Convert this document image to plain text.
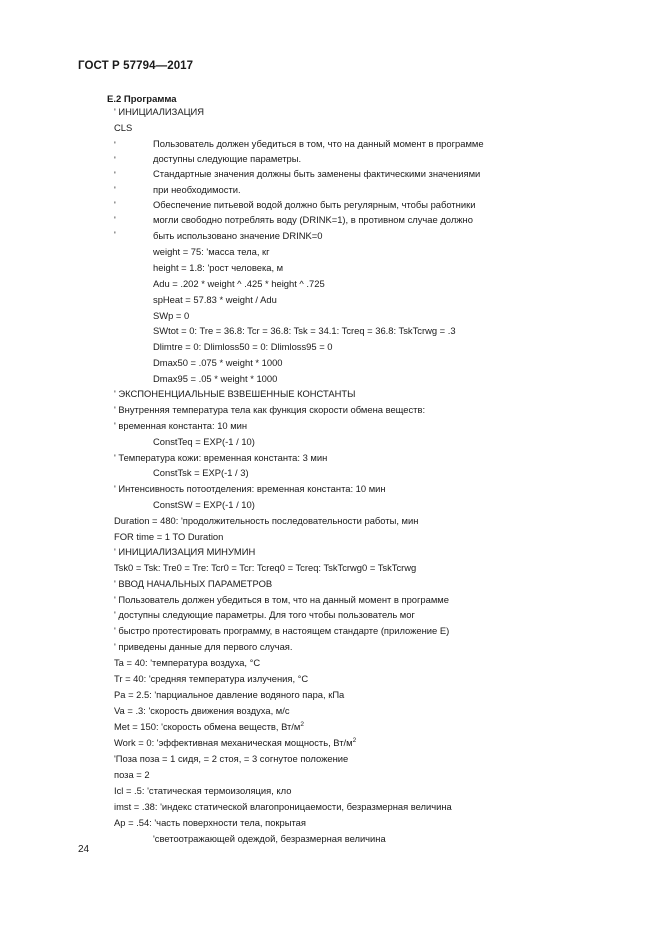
ГОСТ Р 57794—2017
Е.2 Программа
' ИНИЦИАЛИЗАЦИЯ
CLS
'
'
'
'
'
'
'
Пользователь должен убедиться в том, что на данный момент в программе
доступны следующие параметры.
Стандартные значения должны быть заменены фактическими значениями
при необходимости.
Обеспечение питьевой водой должно быть регулярным, чтобы работники
могли свободно потреблять воду (DRINK=1), в противном случае должно
быть использовано значение DRINK=0
weight = 75: 'масса тела, кг
height = 1.8: 'рост человека, м
Adu = .202 * weight ^ .425 * height ^ .725
spHeat = 57.83 * weight / Adu
SWp = 0
SWtot = 0: Tre = 36.8: Tcr = 36.8: Tsk = 34.1: Tcreq = 36.8: TskTcrwg = .3
Dlimtre = 0: Dlimloss50 = 0: Dlimloss95 = 0
Dmax50 = .075 * weight * 1000
Dmax95 = .05 * weight * 1000
' ЭКСПОНЕНЦИАЛЬНЫЕ ВЗВЕШЕННЫЕ КОНСТАНТЫ
' Внутренняя температура тела как функция скорости обмена веществ:
' временная константа: 10 мин
ConstTeq = EXP(-1 / 10)
' Температура кожи: временная константа: 3 мин
ConstTsk = EXP(-1 / 3)
' Интенсивность потоотделения: временная константа: 10 мин
ConstSW = EXP(-1 / 10)
Duration = 480: 'продолжительность последовательности работы, мин
FOR time = 1 TO Duration
' ИНИЦИАЛИЗАЦИЯ МИНУМИН
Tsk0 = Tsk: Tre0 = Tre: Tcr0 = Tcr: Tcreq0 = Tcreq: TskTcrwg0 = TskTcrwg
' ВВОД НАЧАЛЬНЫХ ПАРАМЕТРОВ
' Пользователь должен убедиться в том, что на данный момент в программе
' доступны следующие параметры. Для того чтобы пользователь мог
' быстро протестировать программу, в настоящем стандарте (приложение Е)
' приведены данные для первого случая.
Ta = 40: 'температура воздуха, °C
Tr = 40: 'средняя температура излучения, °C
Pa = 2.5: 'парциальное давление водяного пара, кПа
Va = .3: 'скорость движения воздуха, м/с
Met = 150: 'скорость обмена веществ, $Вт/м^2$
Work = 0: 'эффективная механическая мощность, $Вт/м^2$
'Поза поза = 1 сидя, = 2 стоя, = 3 согнутое положение
поза = 2
Icl = .5: 'статическая термоизоляция, кло
imst = .38: 'индекс статической влагопроницаемости, безразмерная величина
Ap = .54: 'часть поверхности тела, покрытая
'светоотражающей одеждой, безразмерная величина
24
